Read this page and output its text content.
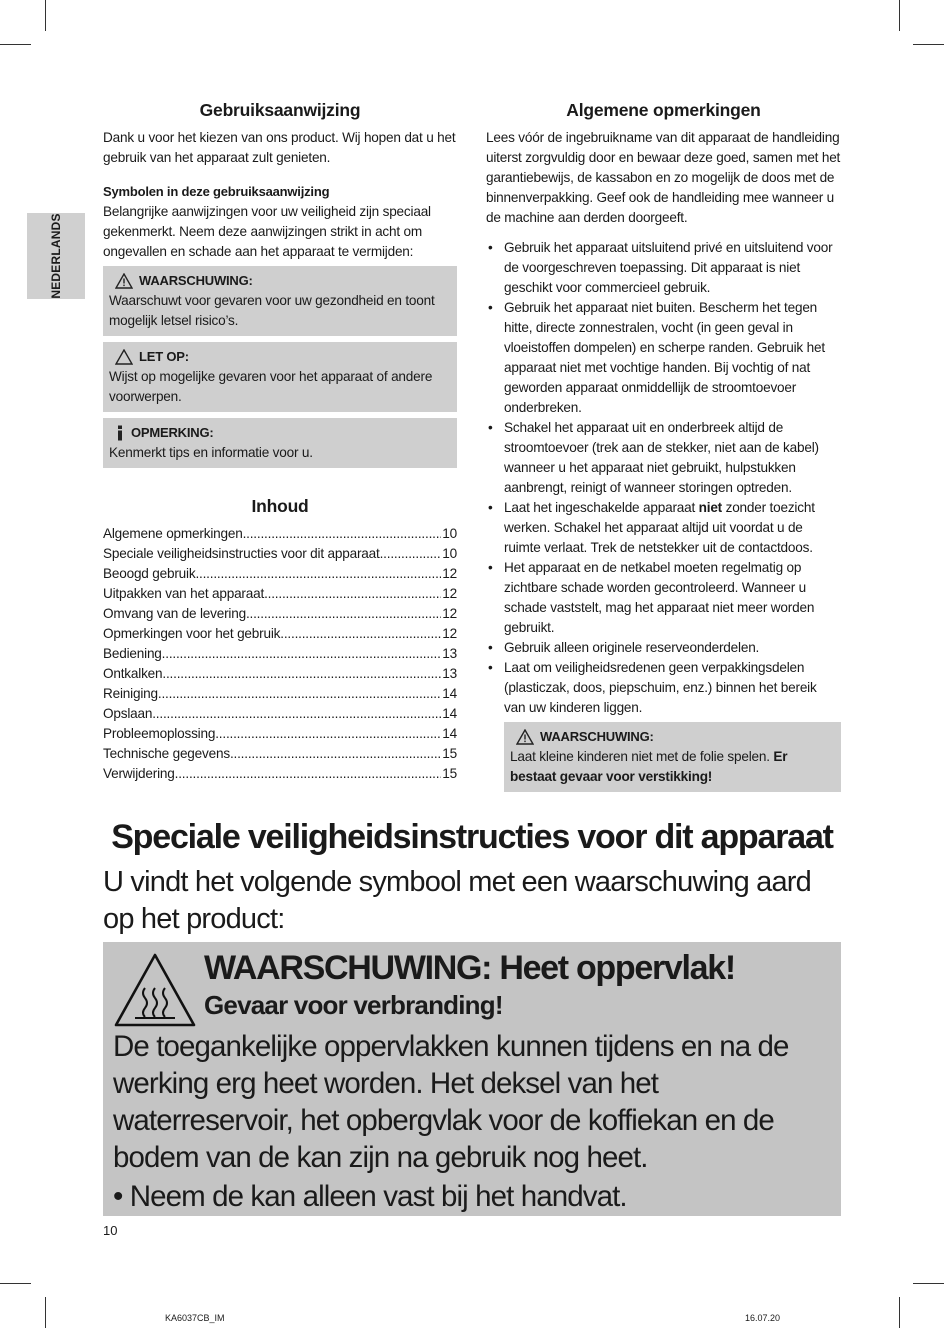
NEDERLANDS
Gebruiksaanwijzing

Dank u voor het kiezen van ons product. Wij hopen dat u het gebruik van het apparaat zult genieten.

Symbolen in deze gebruiksaanwijzing

Belangrijke aanwijzingen voor uw veiligheid zijn speciaal gekenmerkt. Neem deze aanwijzingen strikt in acht om ongevallen en schade aan het apparaat te vermijden:

WAARSCHUWING:
Waarschuwt voor gevaren voor uw gezondheid en toont mogelijk letsel risico’s.
LET OP:
Wijst op mogelijke gevaren voor het apparaat of andere voorwerpen.
OPMERKING:
Kenmerkt tips en informatie voor u.
Inhoud
Algemene opmerkingen .....	10
Speciale veiligheidsinstructies voor dit apparaat .....	10
Beoogd gebruik .....	12
Uitpakken van het apparaat .....	12
Omvang van de levering .....	12
Opmerkingen voor het gebruik .....	12
Bediening .....	13
Ontkalken .....	13
Reiniging .....	14
Opslaan .....	14
Probleemoplossing .....	14
Technische gegevens .....	15
Verwijdering .....	15
Algemene opmerkingen

Lees vóór de ingebruikname van dit apparaat de handleiding uiterst zorgvuldig door en bewaar deze goed, samen met het garantiebewijs, de kassabon en zo mogelijk de doos met de binnenverpakking. Geef ook de handleiding mee wanneer u de machine aan derden doorgeeft.

• Gebruik het apparaat uitsluitend privé en uitsluitend voor de voorgeschreven toepassing. Dit apparaat is niet geschikt voor commercieel gebruik.
• Gebruik het apparaat niet buiten. Bescherm het tegen hitte, directe zonnestralen, vocht (in geen geval in vloeistoffen dompelen) en scherpe randen. Gebruik het apparaat niet met vochtige handen. Bij vochtig of nat geworden apparaat onmiddellijk de stroomtoevoer onderbreken.
• Schakel het apparaat uit en onderbreek altijd de stroomtoevoer (trek aan de stekker, niet aan de kabel) wanneer u het apparaat niet gebruikt, hulpstukken aanbrengt, reinigt of wanneer storingen optreden.
• Laat het ingeschakelde apparaat niet zonder toezicht werken. Schakel het apparaat altijd uit voordat u de ruimte verlaat. Trek de netstekker uit de contactdoos.
• Het apparaat en de netkabel moeten regelmatig op zichtbare schade worden gecontroleerd. Wanneer u schade vaststelt, mag het apparaat niet meer worden gebruikt.
• Gebruik alleen originele reserveonderdelen.
• Laat om veiligheidsredenen geen verpakkingsdelen (plasticzak, doos, piepschuim, enz.) binnen het bereik van uw kinderen liggen.
WAARSCHUWING:
Laat kleine kinderen niet met de folie spelen. Er bestaat gevaar voor verstikking!
Speciale veiligheidsinstructies voor dit apparaat
U vindt het volgende symbool met een waarschuwing aard op het product:
WAARSCHUWING: Heet oppervlak!
Gevaar voor verbranding!
De toegankelijke oppervlakken kunnen tijdens en na de werking erg heet worden. Het deksel van het waterreservoir, het opbergvlak voor de koffiekan en de bodem van de kan zijn na gebruik nog heet.
• Neem de kan alleen vast bij het handvat.
10
KA6037CB_IM	16.07.20
